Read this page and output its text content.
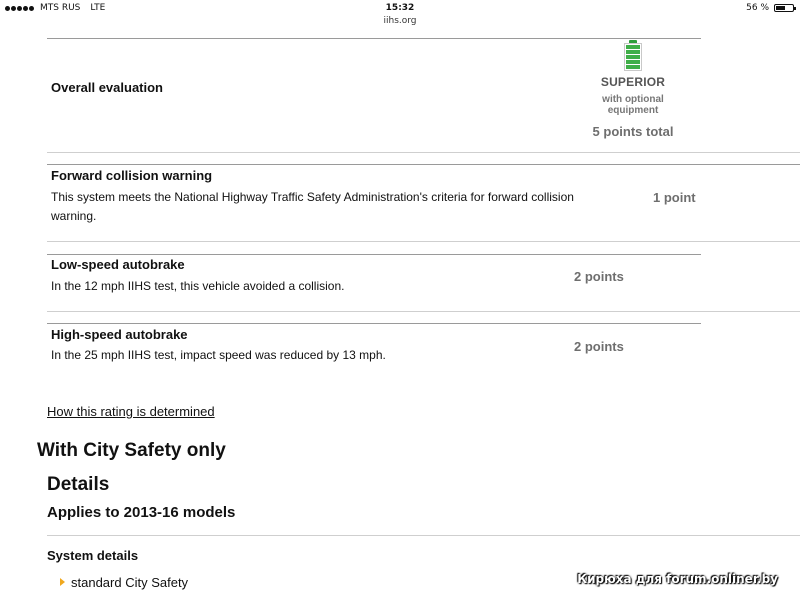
MTS RUS LTE	15:32
iihs.org
56 %
Overall evaluation	SUPERIOR
with optional
equipment
5 points total
Forward collision warning
This system meets the National Highway Traffic Safety Administration's criteria for forward collision warning.
1 point
Low-speed autobrake
In the 12 mph IIHS test, this vehicle avoided a collision.
2 points
High-speed autobrake
In the 25 mph IIHS test, impact speed was reduced by 13 mph.
2 points
How this rating is determined
With City Safety only
Details
Applies to 2013-16 models
System details
standard City Safety	Кирюха для forum.onliner.by
